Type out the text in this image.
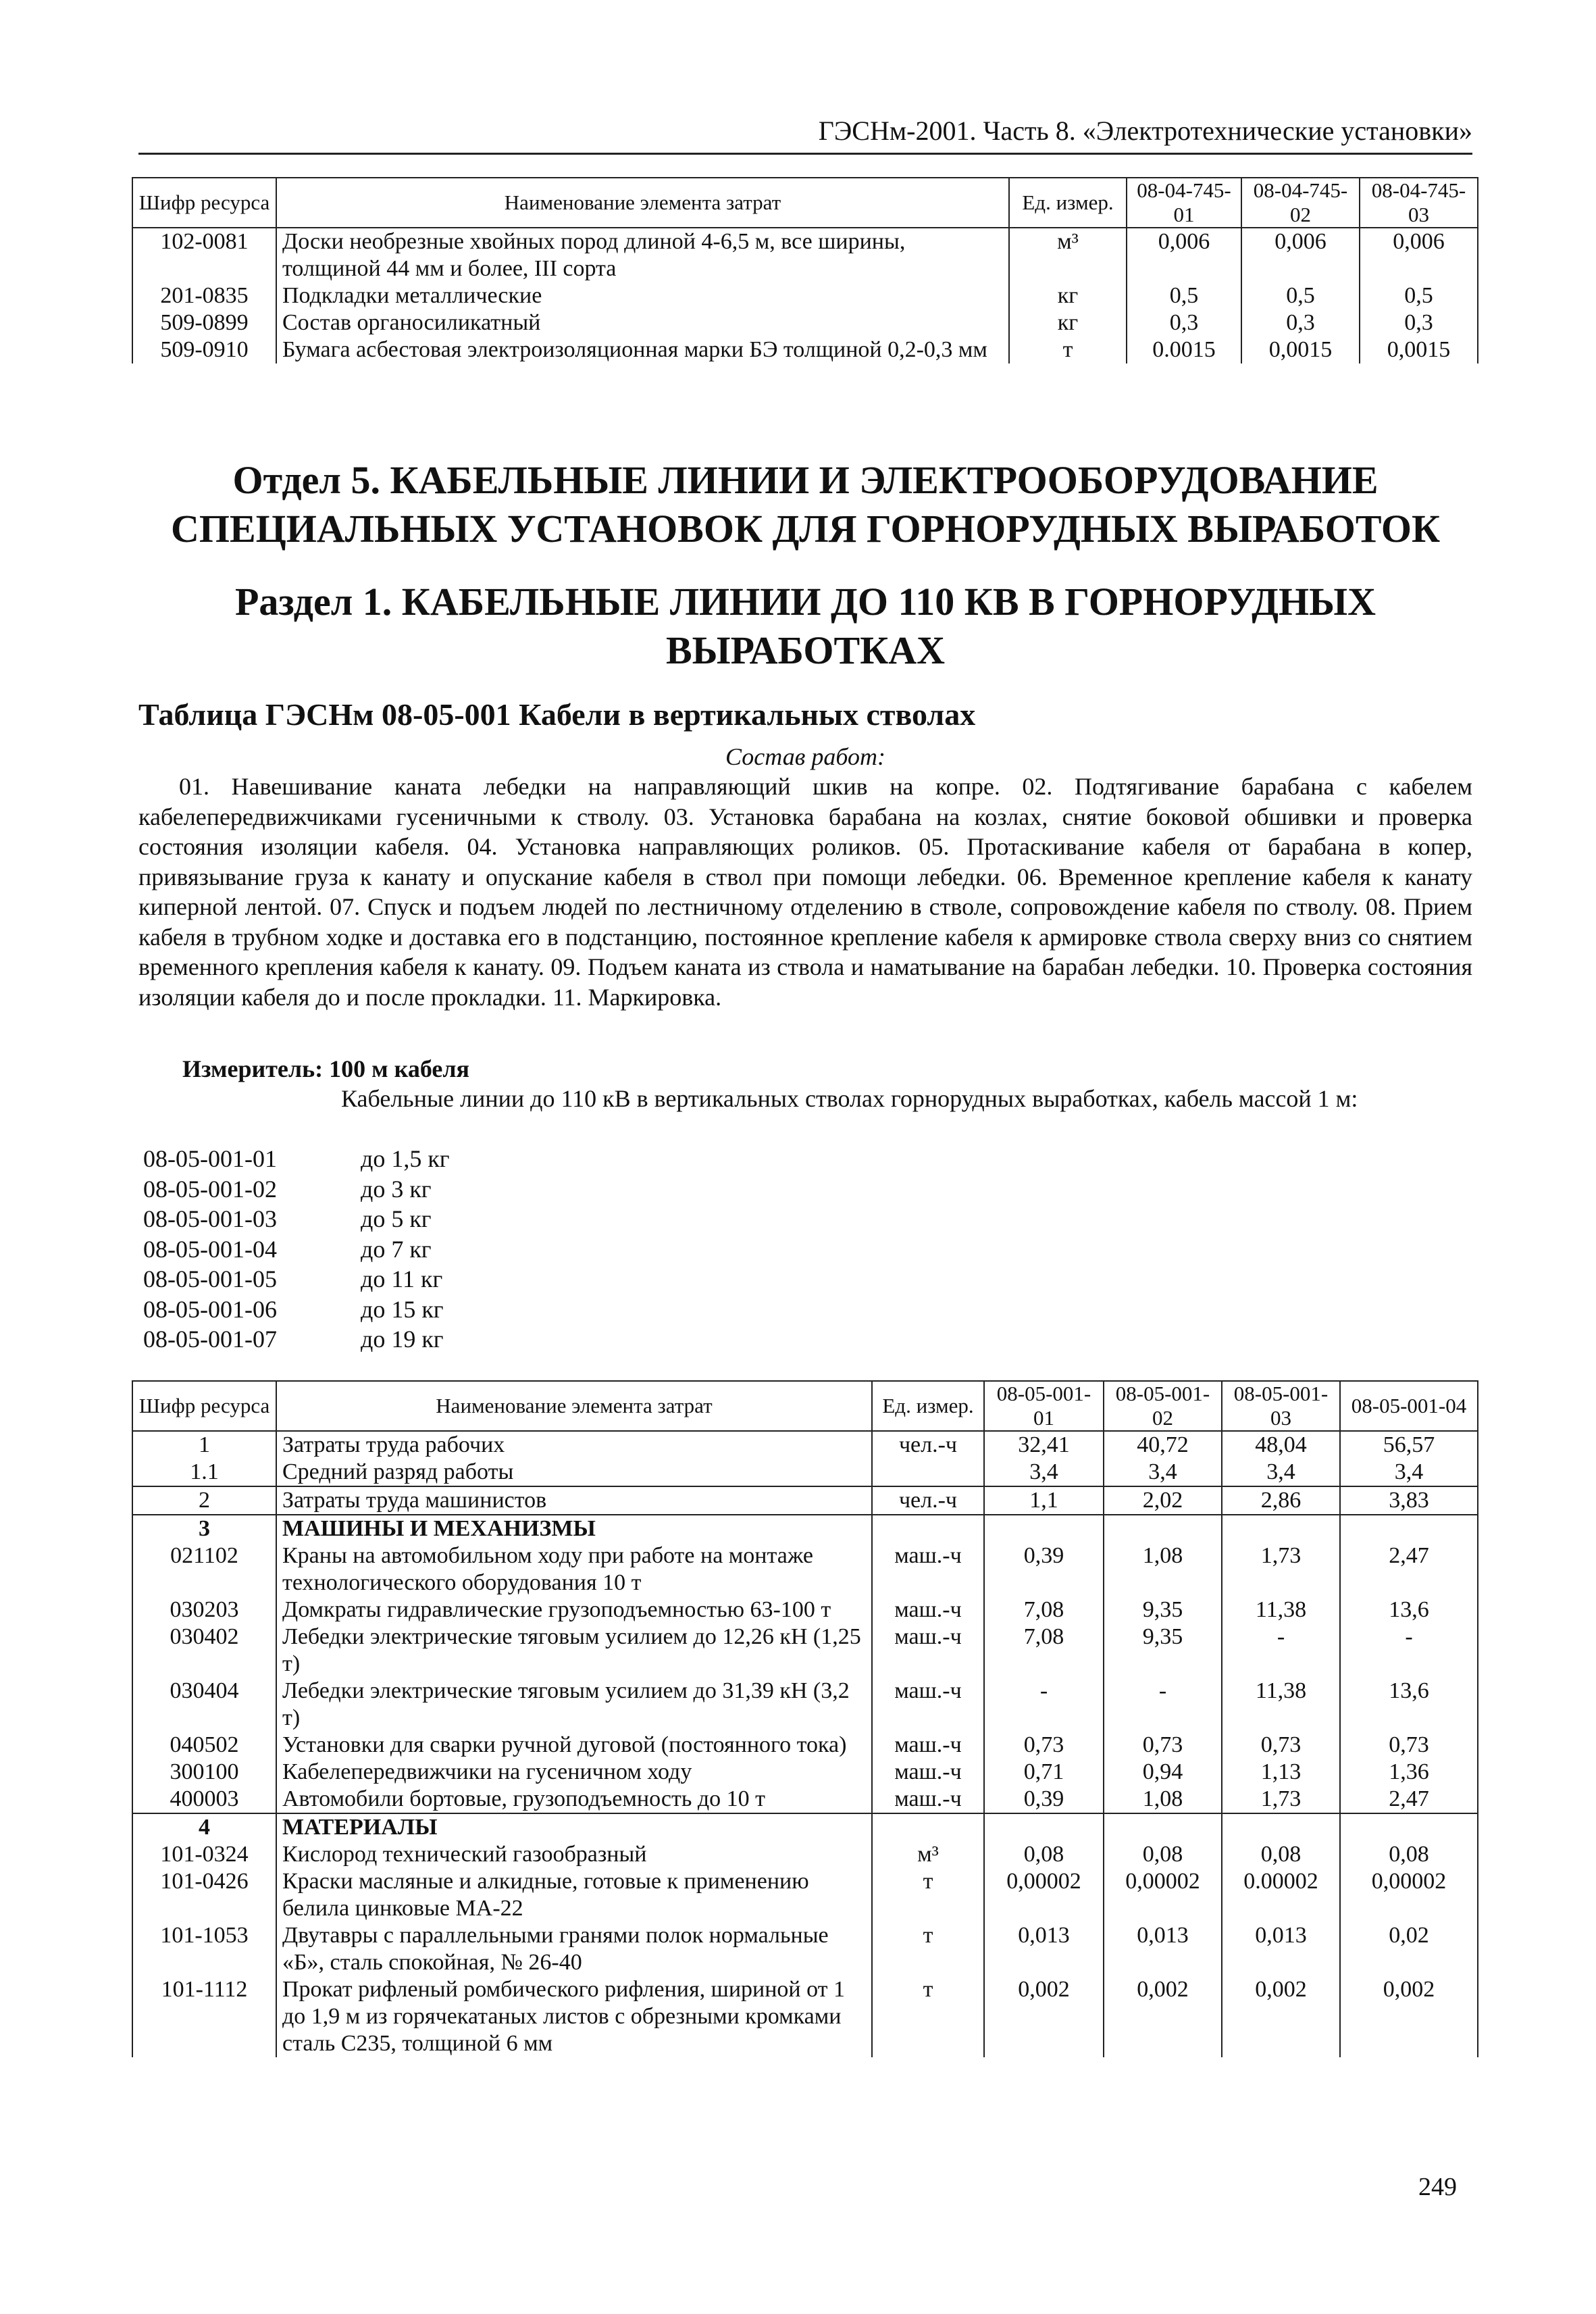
ГЭСНм-2001. Часть 8. «Электротехнические установки»
Шифр ресурса	Наименование элемента затрат	Ед. измер.	08-04-745-01	08-04-745-02	08-04-745-03
102-0081	Доски необрезные хвойных пород длиной 4-6,5 м, все ширины, толщиной 44 мм и более, III сорта	м³	0,006	0,006	0,006
201-0835	Подкладки металлические	кг	0,5	0,5	0,5
509-0899	Состав органосиликатный	кг	0,3	0,3	0,3
509-0910	Бумага асбестовая электроизоляционная марки БЭ толщиной 0,2-0,3 мм	т	0.0015	0,0015	0,0015
Отдел 5. КАБЕЛЬНЫЕ ЛИНИИ И ЭЛЕКТРООБОРУДОВАНИЕ СПЕЦИАЛЬНЫХ УСТАНОВОК ДЛЯ ГОРНОРУДНЫХ ВЫРАБОТОК
Раздел 1. КАБЕЛЬНЫЕ ЛИНИИ ДО 110 КВ В ГОРНОРУДНЫХ ВЫРАБОТКАХ
Таблица ГЭСНм 08-05-001 Кабели в вертикальных стволах
Состав работ:
01. Навешивание каната лебедки на направляющий шкив на копре. 02. Подтягивание барабана с кабелем кабелепередвижчиками гусеничными к стволу. 03. Установка барабана на козлах, снятие боковой обшивки и проверка состояния изоляции кабеля. 04. Установка направляющих роликов. 05. Протаскивание кабеля от барабана в копер, привязывание груза к канату и опускание кабеля в ствол при помощи лебедки. 06. Временное крепление кабеля к канату киперной лентой. 07. Спуск и подъем людей по лестничному отделению в стволе, сопровождение кабеля по стволу. 08. Прием кабеля в трубном ходке и доставка его в подстанцию, постоянное крепление кабеля к армировке ствола сверху вниз со снятием временного крепления кабеля к канату. 09. Подъем каната из ствола и наматывание на барабан лебедки. 10. Проверка состояния изоляции кабеля до и после прокладки. 11. Маркировка.
Измеритель: 100 м кабеля
Кабельные линии до 110 кВ в вертикальных стволах горнорудных выработках, кабель массой 1 м:
08-05-001-01	до 1,5 кг
08-05-001-02	до 3 кг
08-05-001-03	до 5 кг
08-05-001-04	до 7 кг
08-05-001-05	до 11 кг
08-05-001-06	до 15 кг
08-05-001-07	до 19 кг
Шифр ресурса	Наименование элемента затрат	Ед. измер.	08-05-001-01	08-05-001-02	08-05-001-03	08-05-001-04
1	Затраты труда рабочих	чел.-ч	32,41	40,72	48,04	56,57
1.1	Средний разряд работы		3,4	3,4	3,4	3,4
2	Затраты труда машинистов	чел.-ч	1,1	2,02	2,86	3,83
3	МАШИНЫ И МЕХАНИЗМЫ					
021102	Краны на автомобильном ходу при работе на монтаже технологического оборудования 10 т	маш.-ч	0,39	1,08	1,73	2,47
030203	Домкраты гидравлические грузоподъемностью 63-100 т	маш.-ч	7,08	9,35	11,38	13,6
030402	Лебедки электрические тяговым усилием до 12,26 кН (1,25 т)	маш.-ч	7,08	9,35	-	-
030404	Лебедки электрические тяговым усилием до 31,39 кН (3,2 т)	маш.-ч	-	-	11,38	13,6
040502	Установки для сварки ручной дуговой (постоянного тока)	маш.-ч	0,73	0,73	0,73	0,73
300100	Кабелепередвижчики на гусеничном ходу	маш.-ч	0,71	0,94	1,13	1,36
400003	Автомобили бортовые, грузоподъемность до 10 т	маш.-ч	0,39	1,08	1,73	2,47
4	МАТЕРИАЛЫ					
101-0324	Кислород технический газообразный	м³	0,08	0,08	0,08	0,08
101-0426	Краски масляные и алкидные, готовые к применению белила цинковые МА-22	т	0,00002	0,00002	0.00002	0,00002
101-1053	Двутавры с параллельными гранями полок нормальные «Б», сталь спокойная, № 26-40	т	0,013	0,013	0,013	0,02
101-1112	Прокат рифленый ромбического рифления, шириной от 1 до 1,9 м из горячекатаных листов с обрезными кромками сталь С235, толщиной 6 мм	т	0,002	0,002	0,002	0,002
249
